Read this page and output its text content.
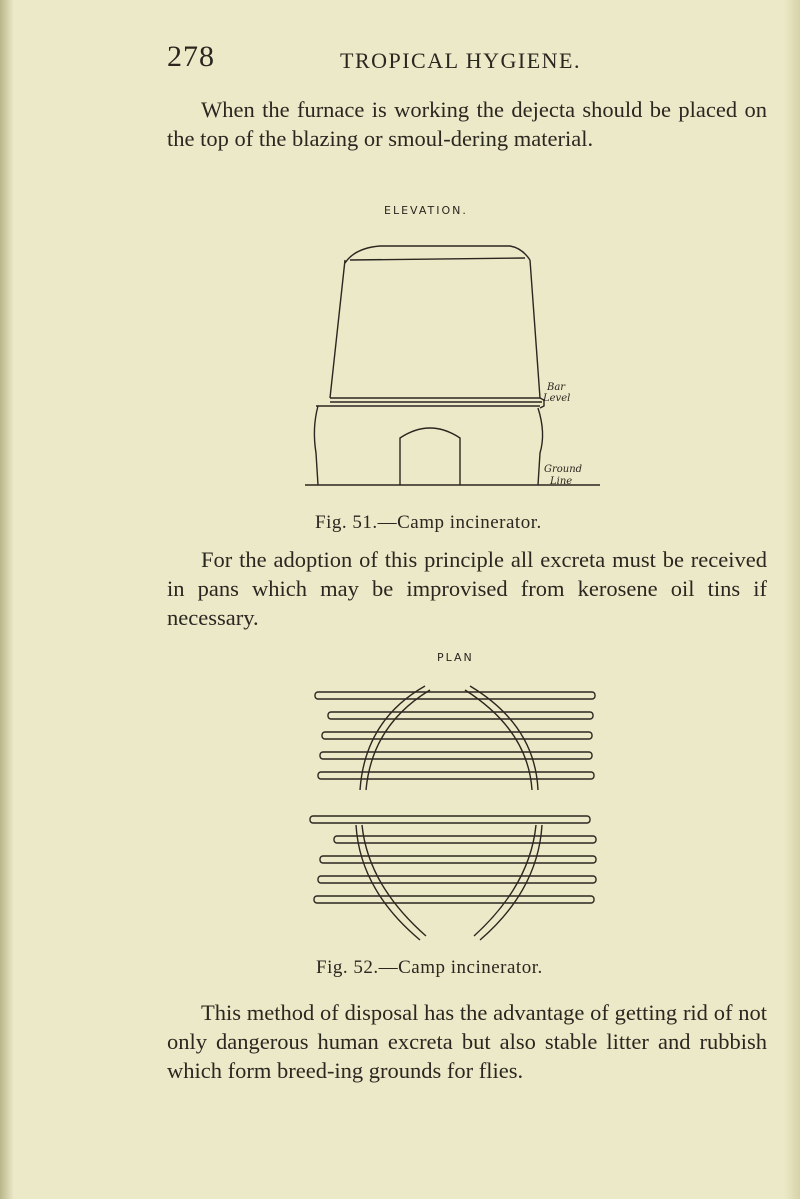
278	TROPICAL HYGIENE.

When the furnace is working the dejecta should be placed on the top of the blazing or smoul-dering material.

ELEVATION.
Bar
Level
Ground
Line
Fig. 51.—Camp incinerator.

For the adoption of this principle all excreta must be received in pans which may be improvised from kerosene oil tins if necessary.

PLAN
Fig. 52.—Camp incinerator.

This method of disposal has the advantage of getting rid of not only dangerous human excreta but also stable litter and rubbish which form breed-ing grounds for flies.
